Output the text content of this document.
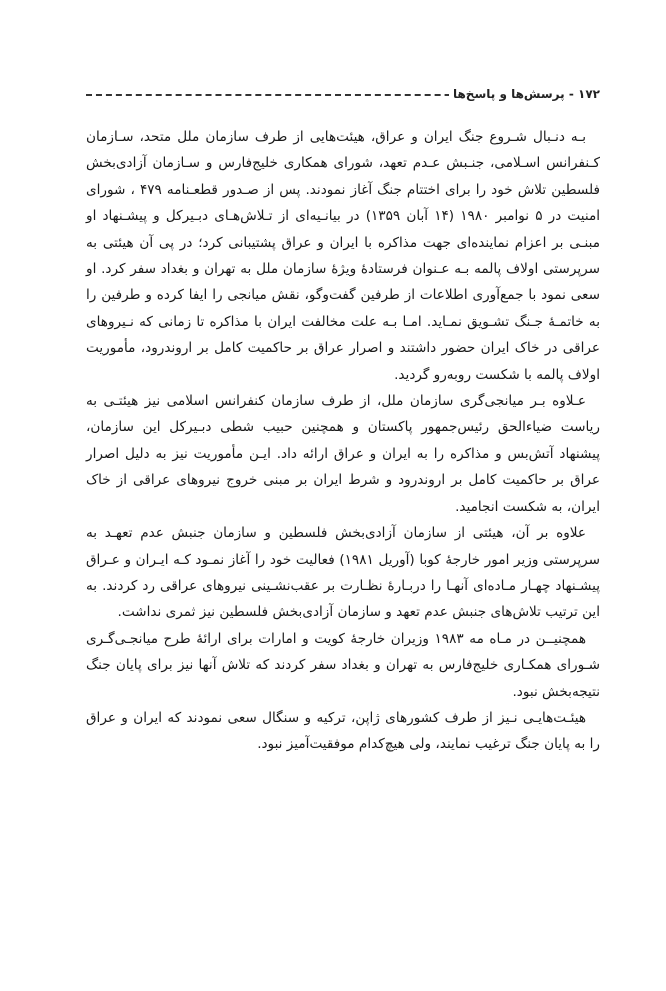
۱۷۲ - پرسش‌ها و پاسخ‌ها

بـه دنـبال شـروع جنگ ایران و عراق، هیئت‌هایی از طرف سازمان ملل متحد، سـازمان کـنفرانس اسـلامی، جنـبش عـدم تعهد، شورای همکاری خلیج‌فارس و سـازمان آزادی‌بخش فلسطین تلاش خود را برای اختتام جنگ آغاز نمودند. پس از صـدور قطعـنامه ۴۷۹ ، شورای امنیت در ۵ نوامبر ۱۹۸۰ (۱۴ آبان ۱۳۵۹) در بیانـیه‌ای از تـلاش‌هـای دبـیرکل و پیشـنهاد او مبنـی بر اعزام نماینده‌ای جهت مذاکره با ایران و عراق پشتیبانی کرد؛ در پی آن هیئتی به سرپرستی اولاف پالمه بـه عـنوان فرستادهٔ ویژهٔ سازمان ملل به تهران و بغداد سفر کرد. او سعی نمود با جمع‌آوری اطلاعات از طرفین گفت‌وگو، نقش میانجی را ایفا کرده و طرفین را به خاتمـهٔ جـنگ تشـویق نمـاید. امـا بـه علت مخالفت ایران با مذاکره تا زمانی که نـیروهای عراقی در خاک ایران حضور داشتند و اصرار عراق بر حاکمیت کامل بر اروندرود، مأموریت اولاف پالمه با شکست روبه‌رو گردید.

عـلاوه بـر میانجی‌گری سازمان ملل، از طرف سازمان کنفرانس اسلامی نیز هیئتـی به ریاست ضیاءالحق رئیس‌جمهور پاکستان و همچنین حبیب شطی دبـیرکل این سازمان، پیشنهاد آتش‌بس و مذاکره را به ایران و عراق ارائه داد. ایـن مأموریت نیز به دلیل اصرار عراق بر حاکمیت کامل بر اروندرود و شرط ایران بر مبنی خروج نیروهای عراقی از خاک ایران، به شکست انجامید.

علاوه بر آن، هیئتی از سازمان آزادی‌بخش فلسطین و سازمان جنبش عدم تعهـد به سرپرستی وزیر امور خارجهٔ کوبا (آوریل ۱۹۸۱) فعالیت خود را آغاز نمـود کـه ایـران و عـراق پیشـنهاد چهـار مـاده‌ای آنهـا را دربـارهٔ نظـارت بر عقب‌نشـینی نیروهای عراقی رد کردند. به این ترتیب تلاش‌های جنبش عدم تعهد و سازمان آزادی‌بخش فلسطین نیز ثمری نداشت.

همچنیــن در مـاه مه ۱۹۸۳ وزیران خارجهٔ کویت و امارات برای ارائهٔ طرح میانجـی‌گـری شـورای همکـاری خلیج‌فارس به تهران و بغداد سفر کردند که تلاش آنها نیز برای پایان جنگ نتیجه‌بخش نبود.

هیئـت‌هایـی نـیز از طرف کشورهای ژاپن، ترکیه و سنگال سعی نمودند که ایران و عراق را به پایان جنگ ترغیب نمایند، ولی هیچ‌کدام موفقیت‌آمیز نبود.
